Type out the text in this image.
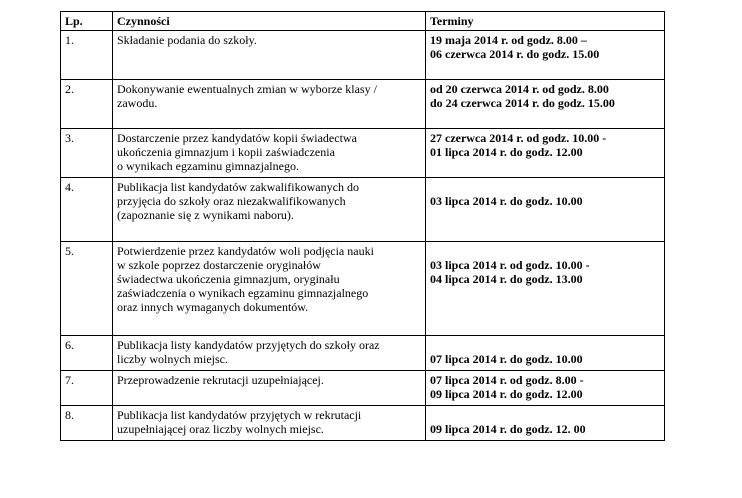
Lp.	Czynności	Terminy
1.	Składanie podania do szkoły.	19 maja 2014 r. od godz. 8.00 –
06 czerwca 2014 r. do godz. 15.00

2.	Dokonywanie ewentualnych zmian w wyborze klasy /
zawodu.	od 20 czerwca 2014 r. od godz. 8.00
do 24 czerwca 2014 r. do godz. 15.00

3.	Dostarczenie przez kandydatów kopii świadectwa
ukończenia gimnazjum i kopii zaświadczenia
o wynikach egzaminu gimnazjalnego.	27 czerwca 2014 r. od godz. 10.00 -
01 lipca 2014 r. do godz. 12.00

4.	Publikacja list kandydatów zakwalifikowanych do
przyjęcia do szkoły oraz niezakwalifikowanych
(zapoznanie się z wynikami naboru).	03 lipca 2014 r. do godz. 10.00

5.	Potwierdzenie przez kandydatów woli podjęcia nauki
w szkole poprzez dostarczenie oryginałów
świadectwa ukończenia gimnazjum, oryginału
zaświadczenia o wynikach egzaminu gimnazjalnego
oraz innych wymaganych dokumentów.	03 lipca 2014 r. od godz. 10.00 -
04 lipca 2014 r. do godz. 13.00

6.	Publikacja listy kandydatów przyjętych do szkoły oraz
liczby wolnych miejsc.	07 lipca 2014 r. do godz. 10.00

7.	Przeprowadzenie rekrutacji uzupełniającej.	07 lipca 2014 r. od godz. 8.00 -
09 lipca 2014 r. do godz. 12.00

8.	Publikacja list kandydatów przyjętych w rekrutacji
uzupełniającej oraz liczby wolnych miejsc.	09 lipca 2014 r. do godz. 12. 00
